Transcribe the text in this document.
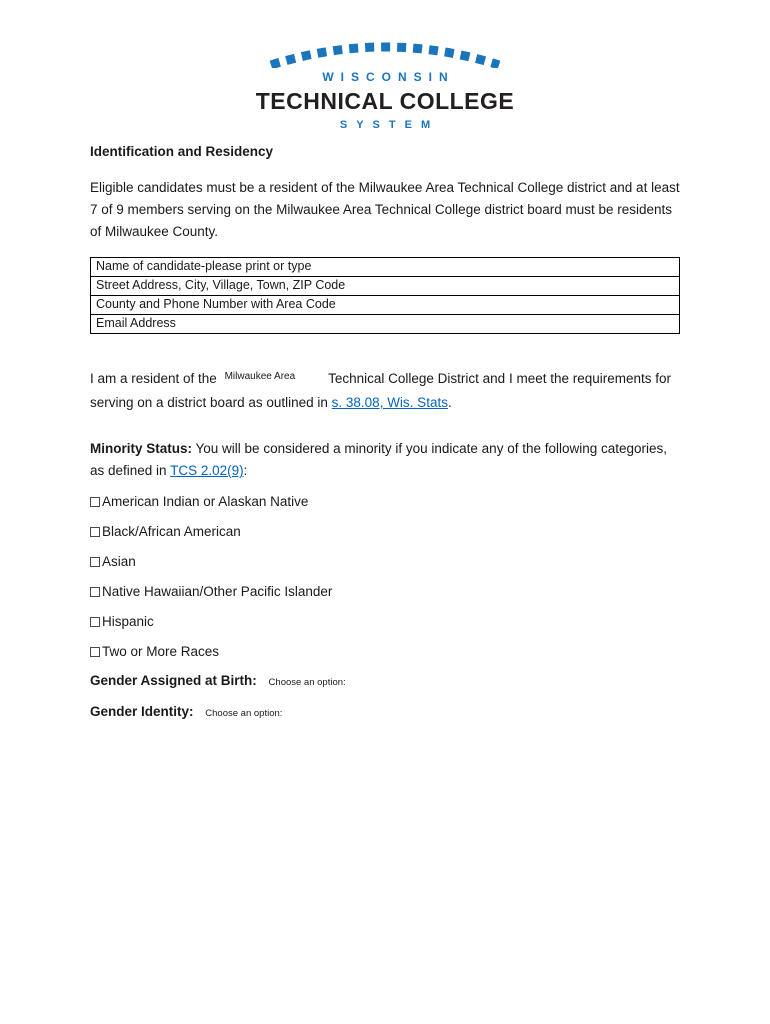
WISCONSIN
TECHNICAL COLLEGE
SYSTEM
Identification and Residency

Eligible candidates must be a resident of the Milwaukee Area Technical College district and at least 7 of 9 members serving on the Milwaukee Area Technical College district board must be residents of Milwaukee County.

Name of candidate-please print or type
Street Address, City, Village, Town, ZIP Code
County and Phone Number with Area Code
Email Address
I am a resident of the Milwaukee Area Technical College District and I meet the requirements for
serving on a district board as outlined in s. 38.08, Wis. Stats.
Minority Status: You will be considered a minority if you indicate any of the following categories, as defined in TCS 2.02(9):
American Indian or Alaskan Native
Black/African American
Asian
Native Hawaiian/Other Pacific Islander
Hispanic
Two or More Races
Gender Assigned at Birth: Choose an option:
Gender Identity: Choose an option:
